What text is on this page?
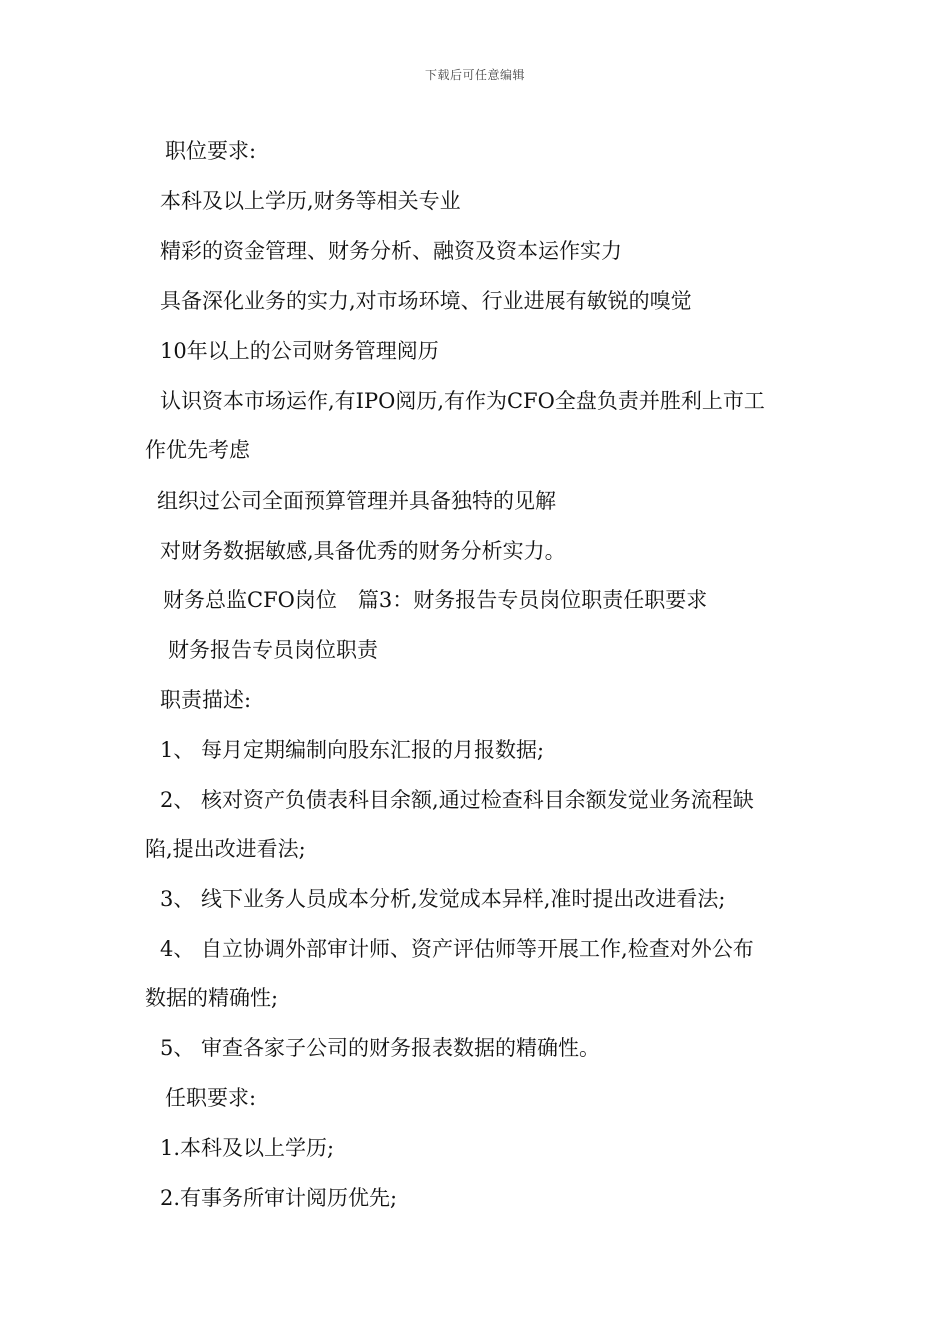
下载后可任意编辑
职位要求:
本科及以上学历,财务等相关专业
精彩的资金管理、财务分析、融资及资本运作实力
具备深化业务的实力,对市场环境、行业进展有敏锐的嗅觉
10年以上的公司财务管理阅历
认识资本市场运作,有IPO阅历,有作为CFO全盘负责并胜利上市工
作优先考虑
组织过公司全面预算管理并具备独特的见解
对财务数据敏感,具备优秀的财务分析实力。
财务总监CFO岗位　篇3：财务报告专员岗位职责任职要求
财务报告专员岗位职责
职责描述:
1、 每月定期编制向股东汇报的月报数据;
2、 核对资产负债表科目余额,通过检查科目余额发觉业务流程缺
陷,提出改进看法;
3、 线下业务人员成本分析,发觉成本异样,准时提出改进看法;
4、 自立协调外部审计师、资产评估师等开展工作,检查对外公布
数据的精确性;
5、 审查各家子公司的财务报表数据的精确性。
任职要求:
1.本科及以上学历;
2.有事务所审计阅历优先;
